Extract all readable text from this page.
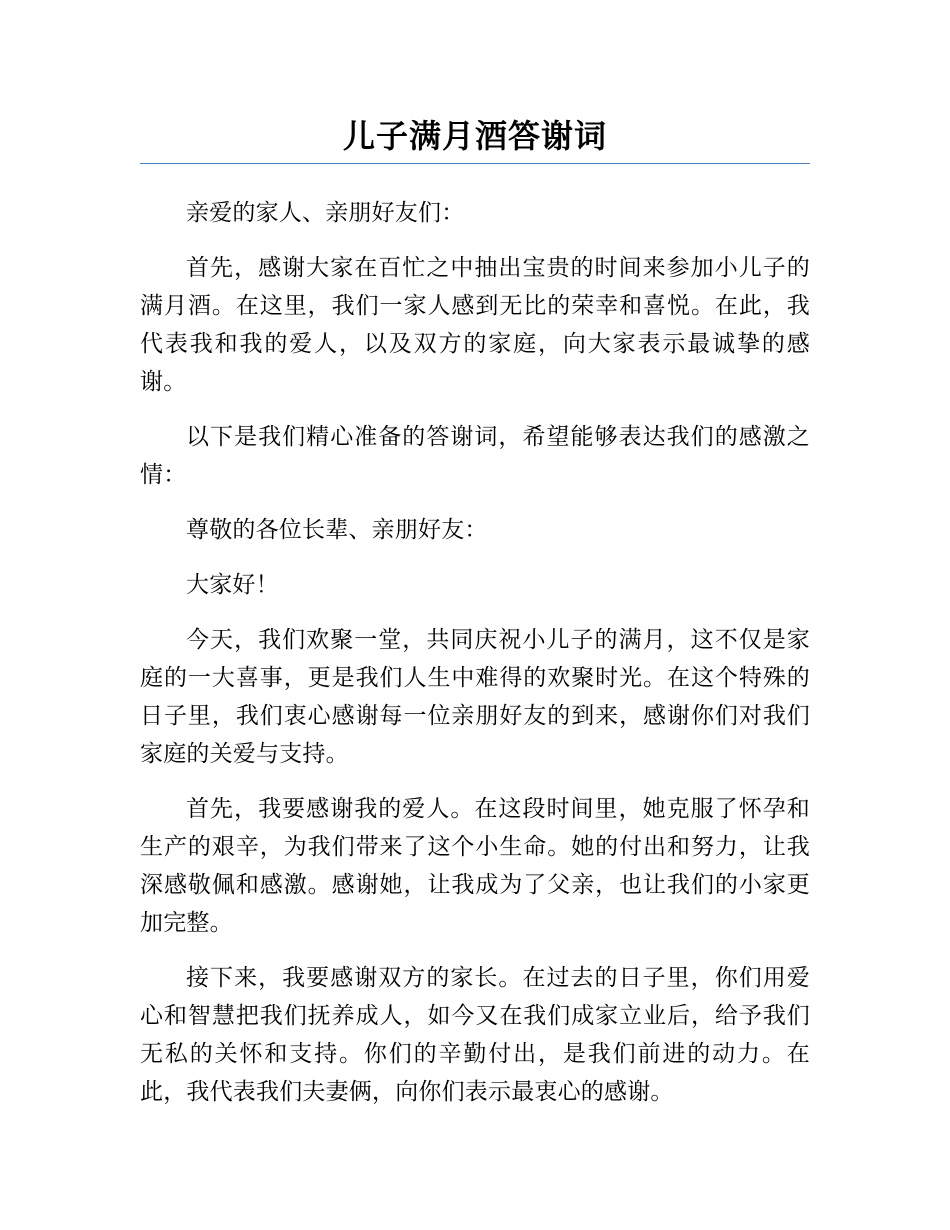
儿子满月酒答谢词

亲爱的家人、亲朋好友们：

首先，感谢大家在百忙之中抽出宝贵的时间来参加小儿子的满月酒。在这里，我们一家人感到无比的荣幸和喜悦。在此，我代表我和我的爱人，以及双方的家庭，向大家表示最诚挚的感谢。

以下是我们精心准备的答谢词，希望能够表达我们的感激之情：

尊敬的各位长辈、亲朋好友：

大家好！

今天，我们欢聚一堂，共同庆祝小儿子的满月，这不仅是家庭的一大喜事，更是我们人生中难得的欢聚时光。在这个特殊的日子里，我们衷心感谢每一位亲朋好友的到来，感谢你们对我们家庭的关爱与支持。

首先，我要感谢我的爱人。在这段时间里，她克服了怀孕和生产的艰辛，为我们带来了这个小生命。她的付出和努力，让我深感敬佩和感激。感谢她，让我成为了父亲，也让我们的小家更加完整。

接下来，我要感谢双方的家长。在过去的日子里，你们用爱心和智慧把我们抚养成人，如今又在我们成家立业后，给予我们无私的关怀和支持。你们的辛勤付出，是我们前进的动力。在此，我代表我们夫妻俩，向你们表示最衷心的感谢。
